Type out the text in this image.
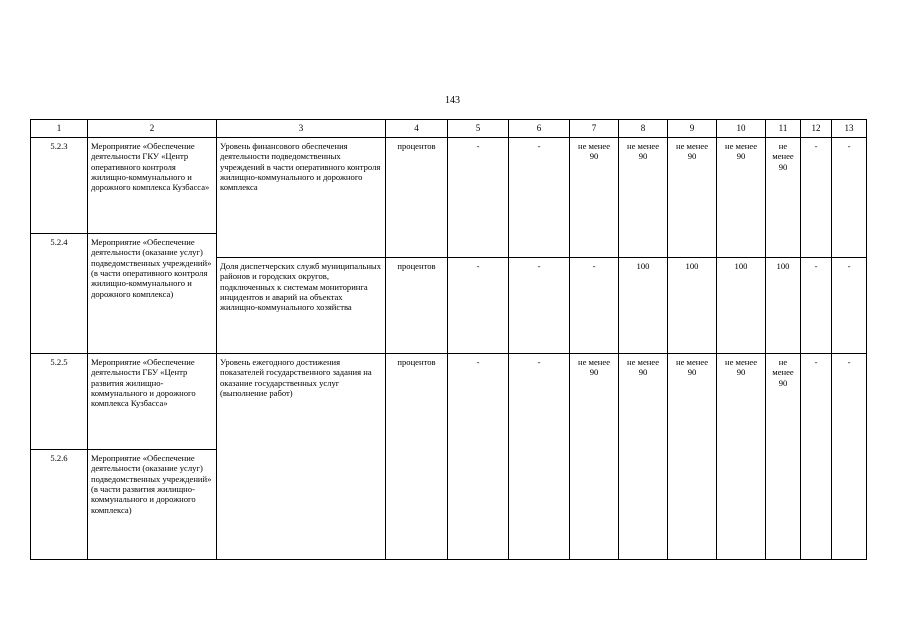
143
1	2	3	4	5	6	7	8	9	10	11	12	13
5.2.3	Мероприятие «Обеспечение деятельности ГКУ «Центр оперативного контроля жилищно-коммунального и дорожного комплекса Кузбасса»	Уровень финансового обеспечения деятельности подведомственных учреждений в части оперативного контроля жилищно-коммунального и дорожного комплекса	процентов	-	-	не менее 90	не менее 90	не менее 90	не менее 90	не менее 90	-	-
5.2.4	Мероприятие «Обеспечение деятельности (оказание услуг) подведомственных учреждений» (в части оперативного контроля жилищно-коммунального и дорожного комплекса)											
		Доля диспетчерских служб муниципальных районов и городских округов, подключенных к системам мониторинга инцидентов и аварий на объектах жилищно-коммунального хозяйства	процентов	-	-	-	100	100	100	100	-	-
5.2.5	Мероприятие «Обеспечение деятельности ГБУ «Центр развития жилищно-коммунального и дорожного комплекса Кузбасса»	Уровень ежегодного достижения показателей государственного задания на оказание государственных услуг (выполнение работ)	процентов	-	-	не менее 90	не менее 90	не менее 90	не менее 90	не менее 90	-	-
5.2.6	Мероприятие «Обеспечение деятельности (оказание услуг) подведомственных учреждений» (в части развития жилищно-коммунального и дорожного комплекса)											
